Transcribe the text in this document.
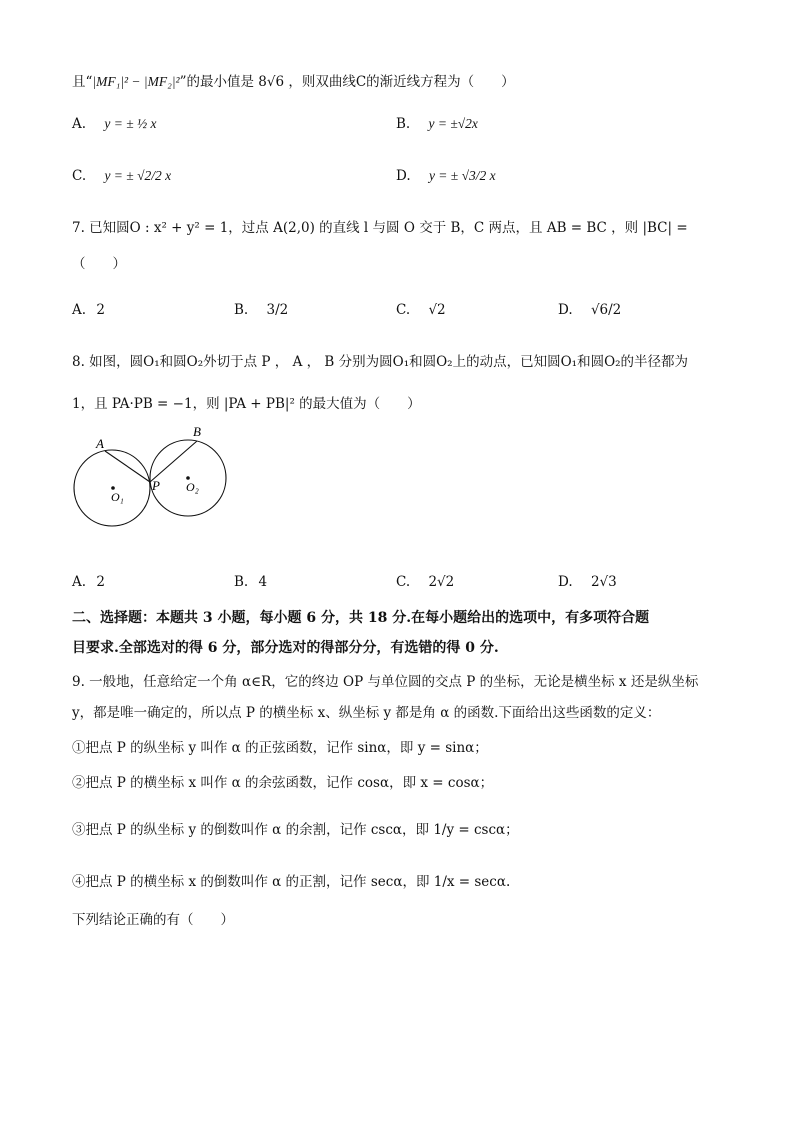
且“|MF₁|² − |MF₂|²”的最小值是 8√6 ，则双曲线C的渐近线方程为（　　）
A. y = ± ½ x	B. y = ±√2x
C. y = ± √2/2 x	D. y = ± √3/2 x
7. 已知圆O : x² + y² = 1，过点 A(2,0) 的直线 l 与圆 O 交于 B，C 两点，且 AB = BC ，则 |BC| =
（　　）
A. 2	B. 3/2	C. √2	D. √6/2
8. 如图，圆O₁和圆O₂外切于点 P ， A ， B 分别为圆O₁和圆O₂上的动点，已知圆O₁和圆O₂的半径都为
1，且 PA·PB = −1，则 |PA + PB|² 的最大值为（　　）
A
B
P
O₁
O₂
A. 2	B. 4	C. 2√2	D. 2√3
二、选择题：本题共 3 小题，每小题 6 分，共 18 分.在每小题给出的选项中，有多项符合题
目要求.全部选对的得 6 分，部分选对的得部分分，有选错的得 0 分.
9. 一般地，任意给定一个角 α∈R，它的终边 OP 与单位圆的交点 P 的坐标，无论是横坐标 x 还是纵坐标
y，都是唯一确定的，所以点 P 的横坐标 x、纵坐标 y 都是角 α 的函数.下面给出这些函数的定义：
①把点 P 的纵坐标 y 叫作 α 的正弦函数，记作 sinα，即 y = sinα；
②把点 P 的横坐标 x 叫作 α 的余弦函数，记作 cosα，即 x = cosα；
③把点 P 的纵坐标 y 的倒数叫作 α 的余割，记作 cscα，即 1/y = cscα；
④把点 P 的横坐标 x 的倒数叫作 α 的正割，记作 secα，即 1/x = secα.
下列结论正确的有（　　）
